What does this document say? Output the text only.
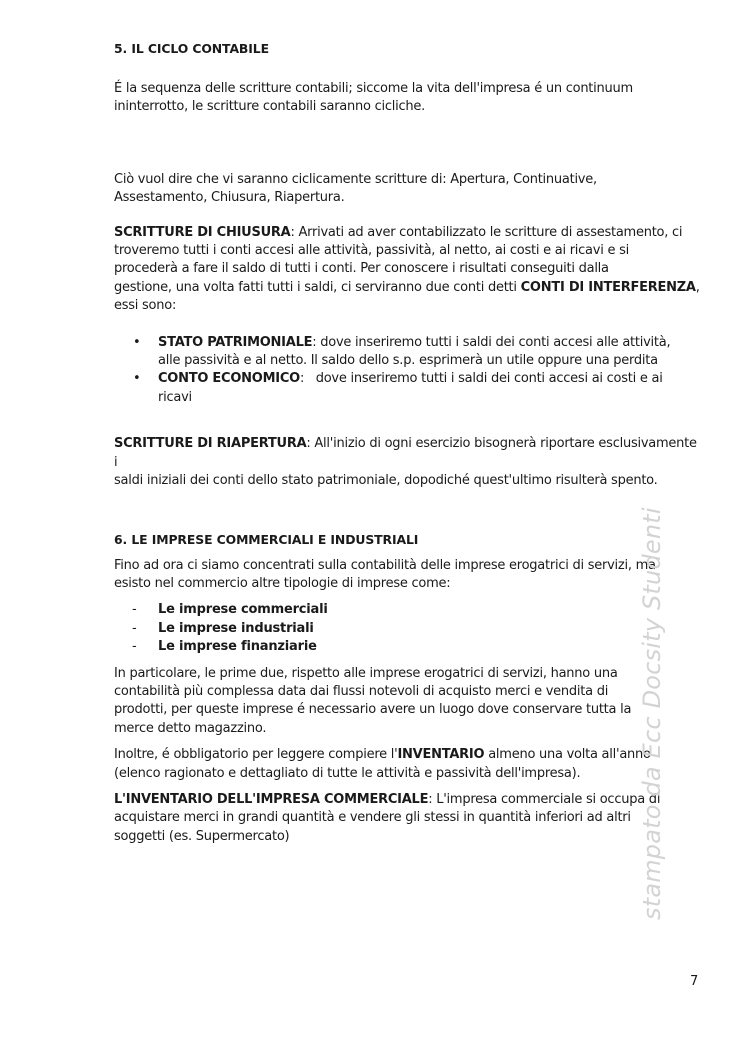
5. IL CICLO CONTABILE

É la sequenza delle scritture contabili; siccome la vita dell'impresa é un continuum
ininterrotto, le scritture contabili saranno cicliche.

Ciò vuol dire che vi saranno ciclicamente scritture di: Apertura, Continuative,
Assestamento, Chiusura, Riapertura.

SCRITTURE DI CHIUSURA: Arrivati ad aver contabilizzato le scritture di assestamento, ci
troveremo tutti i conti accesi alle attività, passività, al netto, ai costi e ai ricavi e si
procederà a fare il saldo di tutti i conti. Per conoscere i risultati conseguiti dalla
gestione, una volta fatti tutti i saldi, ci serviranno due conti detti CONTI DI INTERFERENZA,
essi sono:

• STATO PATRIMONIALE: dove inseriremo tutti i saldi dei conti accesi alle attività,
alle passività e al netto. Il saldo dello s.p. esprimerà un utile oppure una perdita
• CONTO ECONOMICO:   dove inseriremo tutti i saldi dei conti accesi ai costi e ai
ricavi

SCRITTURE DI RIAPERTURA: All'inizio di ogni esercizio bisognerà riportare esclusivamente i
saldi iniziali dei conti dello stato patrimoniale, dopodiché quest'ultimo risulterà spento.

6. LE IMPRESE COMMERCIALI E INDUSTRIALI

Fino ad ora ci siamo concentrati sulla contabilità delle imprese erogatrici di servizi, ma
esisto nel commercio altre tipologie di imprese come:

- Le imprese commerciali
- Le imprese industriali
- Le imprese finanziarie

In particolare, le prime due, rispetto alle imprese erogatrici di servizi, hanno una
contabilità più complessa data dai flussi notevoli di acquisto merci e vendita di
prodotti, per queste imprese é necessario avere un luogo dove conservare tutta la
merce detto magazzino.

Inoltre, é obbligatorio per leggere compiere l'INVENTARIO almeno una volta all'anno
(elenco ragionato e dettagliato di tutte le attività e passività dell'impresa).

L'INVENTARIO DELL'IMPRESA COMMERCIALE: L'impresa commerciale si occupa di
acquistare merci in grandi quantità e vendere gli stessi in quantità inferiori ad altri
soggetti (es. Supermercato)	stampato da Ecc Docsity Studenti
7
